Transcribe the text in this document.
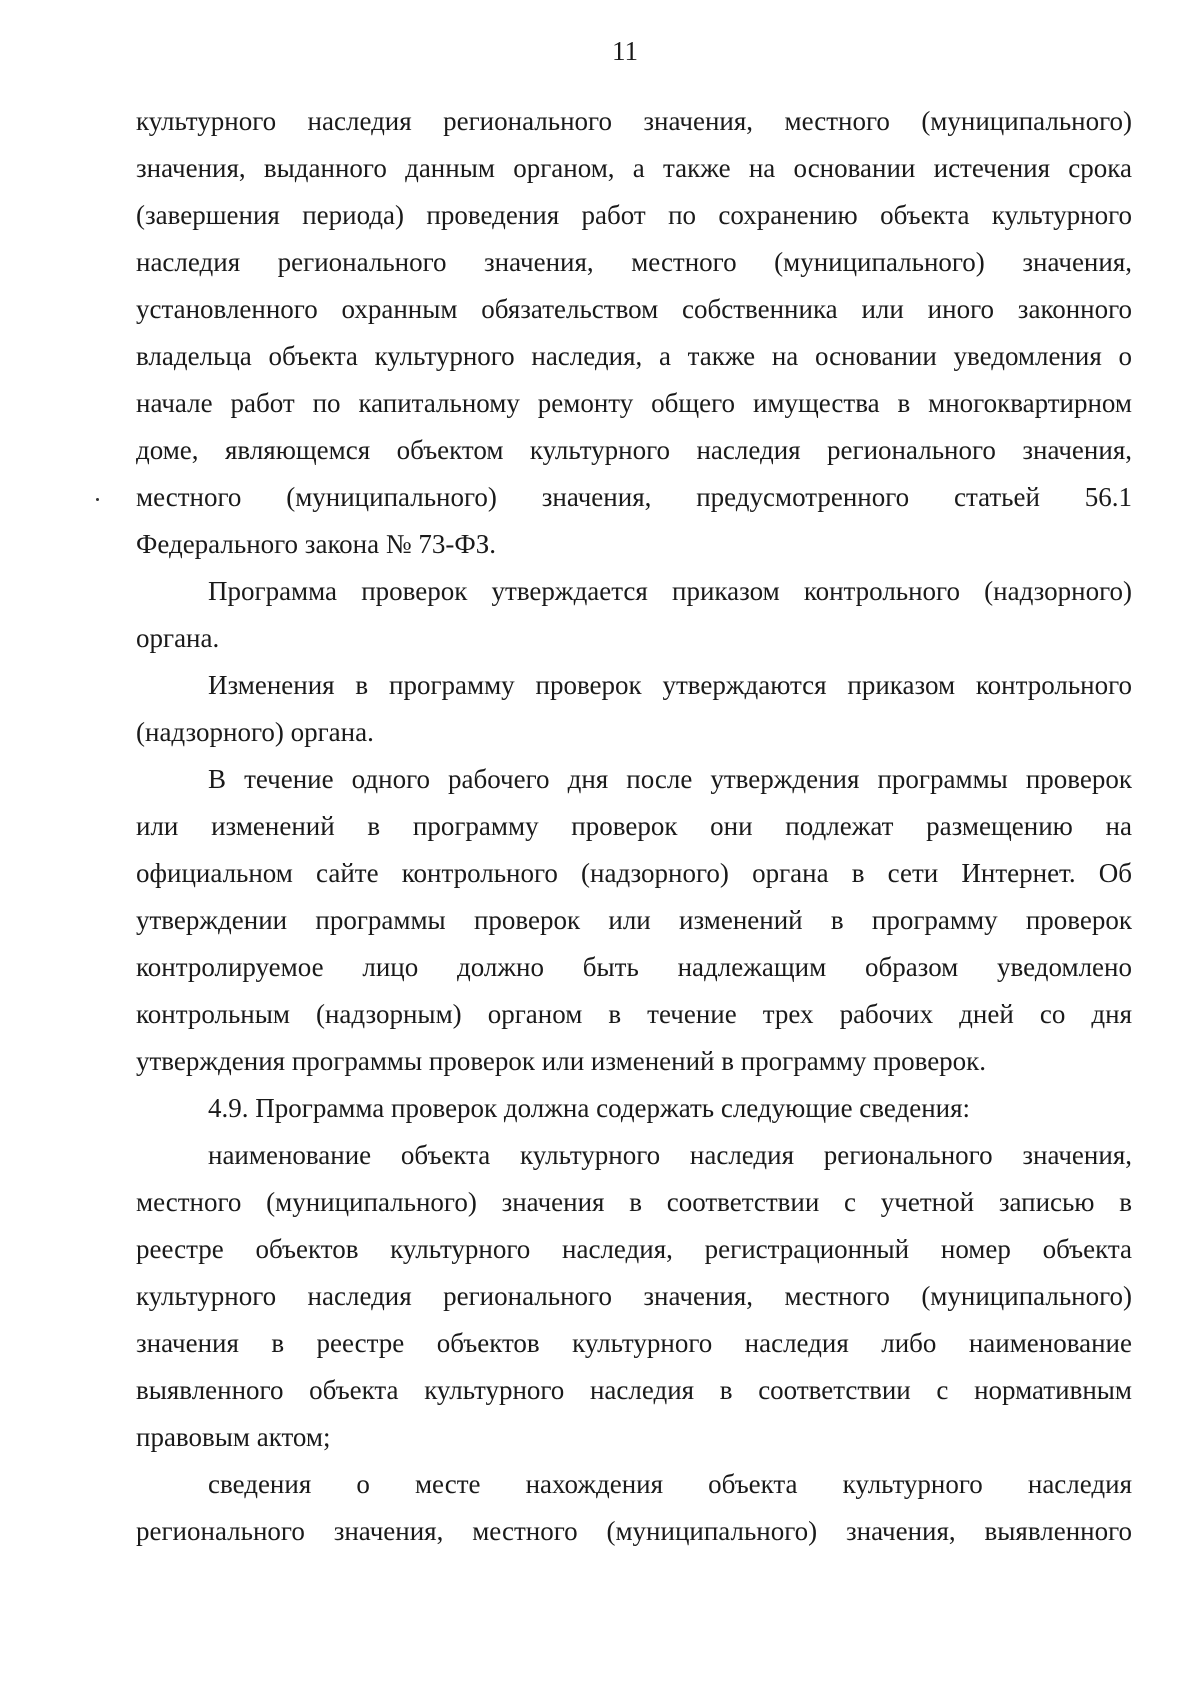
11
культурного наследия регионального значения, местного (муниципального)
значения, выданного данным органом, а также на основании истечения срока
(завершения периода) проведения работ по сохранению объекта культурного
наследия регионального значения, местного (муниципального) значения,
установленного охранным обязательством собственника или иного законного
владельца объекта культурного наследия, а также на основании уведомления о
начале работ по капитальному ремонту общего имущества в многоквартирном
доме, являющемся объектом культурного наследия регионального значения,
местного (муниципального) значения, предусмотренного статьей 56.1
Федерального закона № 73-ФЗ.
Программа проверок утверждается приказом контрольного (надзорного)
органа.
Изменения в программу проверок утверждаются приказом контрольного
(надзорного) органа.
В течение одного рабочего дня после утверждения программы проверок
или изменений в программу проверок они подлежат размещению на
официальном сайте контрольного (надзорного) органа в сети Интернет. Об
утверждении программы проверок или изменений в программу проверок
контролируемое лицо должно быть надлежащим образом уведомлено
контрольным (надзорным) органом в течение трех рабочих дней со дня
утверждения программы проверок или изменений в программу проверок.
4.9. Программа проверок должна содержать следующие сведения:
наименование объекта культурного наследия регионального значения,
местного (муниципального) значения в соответствии с учетной записью в
реестре объектов культурного наследия, регистрационный номер объекта
культурного наследия регионального значения, местного (муниципального)
значения в реестре объектов культурного наследия либо наименование
выявленного объекта культурного наследия в соответствии с нормативным
правовым актом;
сведения о месте нахождения объекта культурного наследия
регионального значения, местного (муниципального) значения, выявленного
